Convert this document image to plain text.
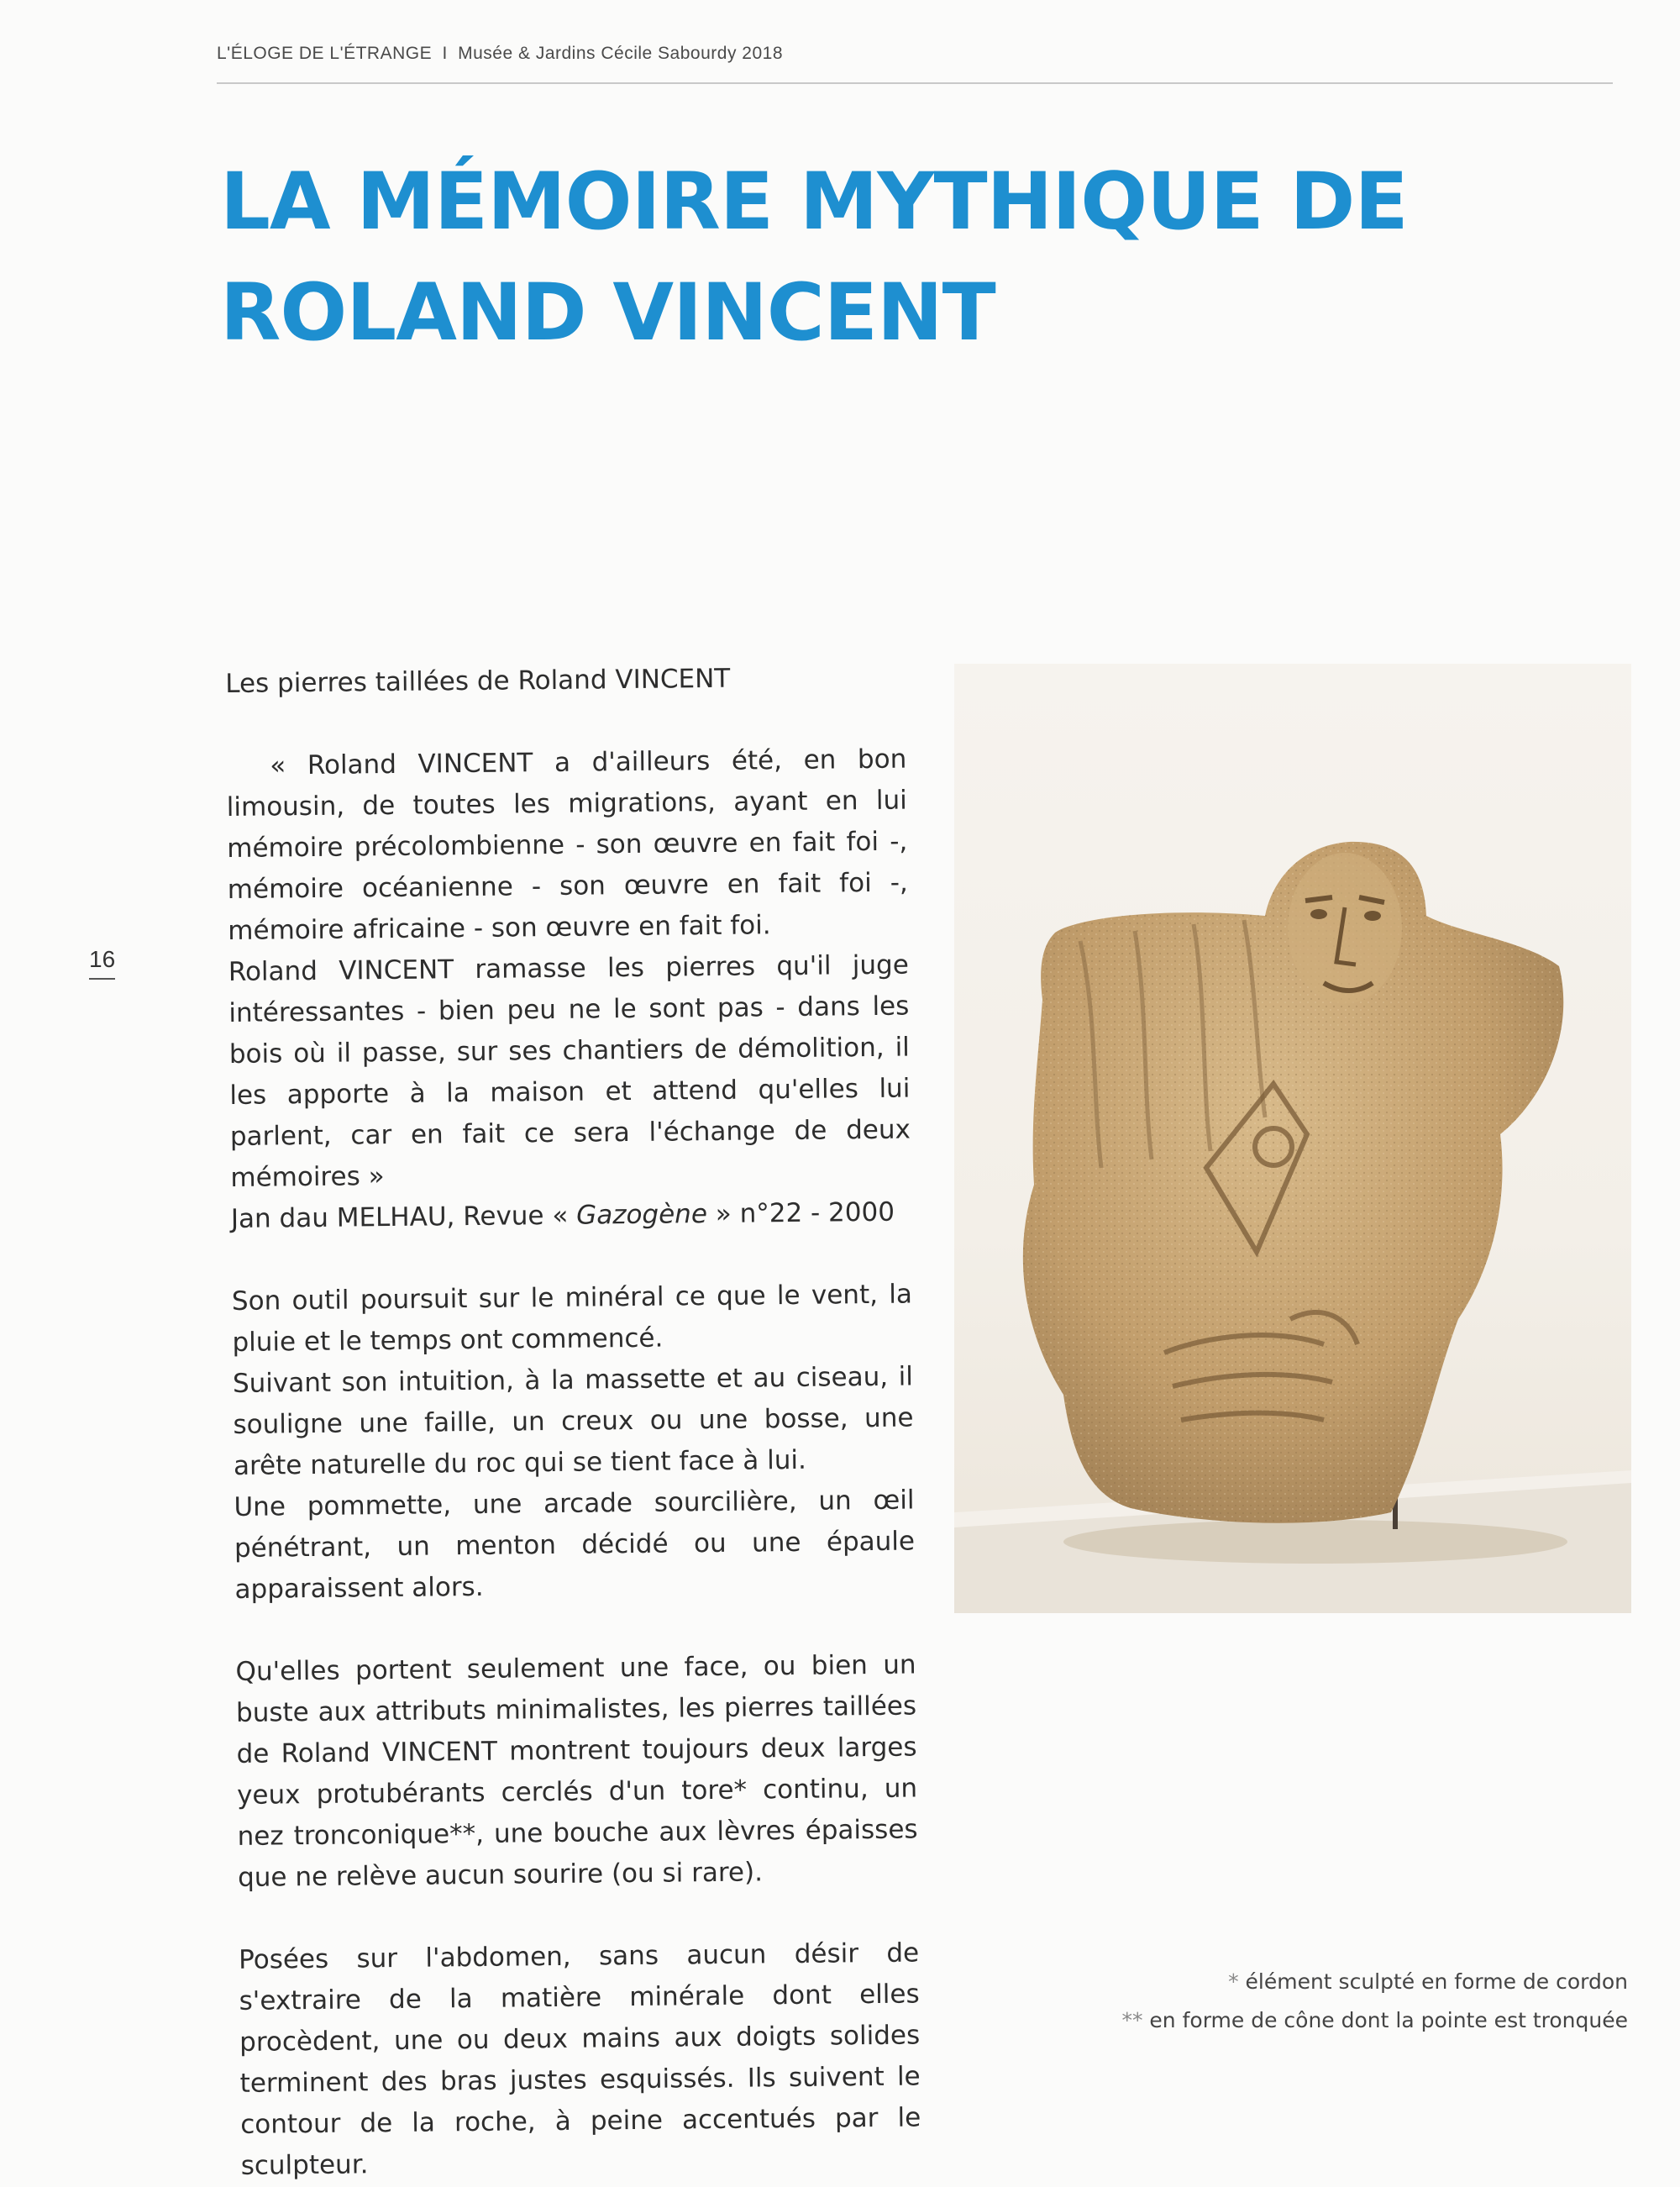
L'ÉLOGE DE L'ÉTRANGE I Musée & Jardins Cécile Sabourdy 2018
LA MÉMOIRE MYTHIQUE DE
ROLAND VINCENT
16

Les pierres taillées de Roland VINCENT

« Roland VINCENT a d'ailleurs été, en bon limousin, de toutes les migrations, ayant en lui mémoire précolombienne - son œuvre en fait foi -, mémoire océanienne - son œuvre en fait foi -, mémoire africaine - son œuvre en fait foi.

Roland VINCENT ramasse les pierres qu'il juge intéressantes - bien peu ne le sont pas - dans les bois où il passe, sur ses chantiers de démolition, il les apporte à la maison et attend qu'elles lui parlent, car en fait ce sera l'échange de deux mémoires »

Jan dau MELHAU, Revue « Gazogène » n°22 - 2000

Son outil poursuit sur le minéral ce que le vent, la pluie et le temps ont commencé.

Suivant son intuition, à la massette et au ciseau, il souligne une faille, un creux ou une bosse, une arête naturelle du roc qui se tient face à lui.

Une pommette, une arcade sourcilière, un œil pénétrant, un menton décidé ou une épaule apparaissent alors.

Qu'elles portent seulement une face, ou bien un buste aux attributs minimalistes, les pierres taillées de Roland VINCENT montrent toujours deux larges yeux protubérants cerclés d'un tore* continu, un nez tronconique**, une bouche aux lèvres épaisses que ne relève aucun sourire (ou si rare).

Posées sur l'abdomen, sans aucun désir de s'extraire de la matière minérale dont elles procèdent, une ou deux mains aux doigts solides terminent des bras justes esquissés. Ils suivent le contour de la roche, à peine accentués par le sculpteur.

* élément sculpté en forme de cordon
** en forme de cône dont la pointe est tronquée
